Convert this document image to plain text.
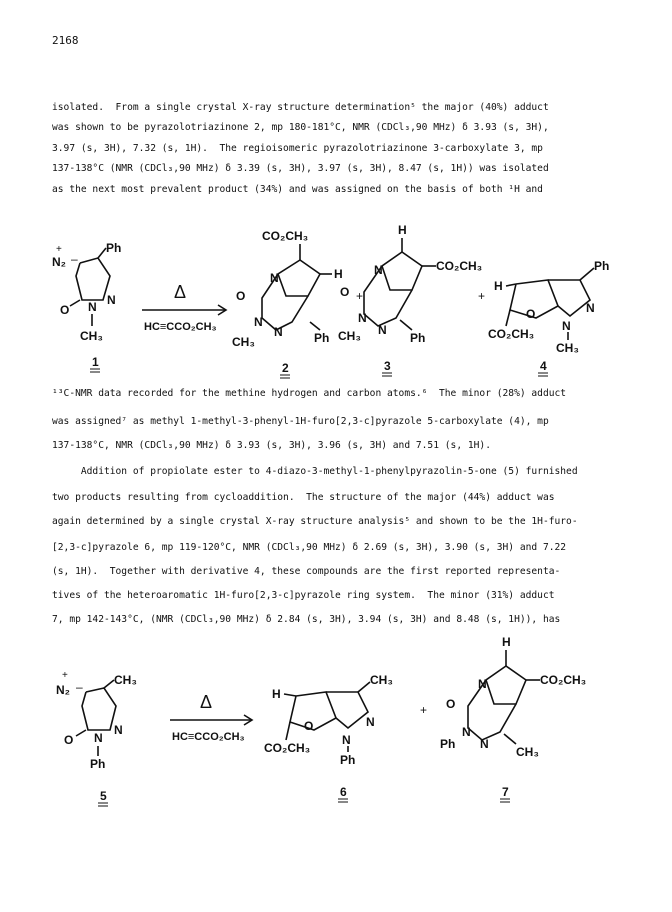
2168
isolated.  From a single crystal X-ray structure determination⁵ the major (40%) adduct
was shown to be pyrazolotriazinone 2, mp 180-181°C, NMR (CDCl₃,90 MHz) δ 3.93 (s, 3H),
3.97 (s, 3H), 7.32 (s, 1H).  The regioisomeric pyrazolotriazinone 3-carboxylate 3, mp
137-138°C (NMR (CDCl₃,90 MHz) δ 3.39 (s, 3H), 3.97 (s, 3H), 8.47 (s, 1H)) was isolated
as the next most prevalent product (34%) and was assigned on the basis of both ¹H and
+
N₂ –
Ph
N
N
O
CH₃
1
Δ
HC≡CCO₂CH₃
CO₂CH₃
H
N
O
N
N	Ph
CH₃
2
+
H
CO₂CH₃
N
O
N
N
Ph
CH₃
3
+
H
O
Ph
N
N
CH₃
CO₂CH₃
4
¹³C-NMR data recorded for the methine hydrogen and carbon atoms.⁶  The minor (28%) adduct
was assigned⁷ as methyl 1-methyl-3-phenyl-1H-furo[2,3-c]pyrazole 5-carboxylate (4), mp
137-138°C, NMR (CDCl₃,90 MHz) δ 3.93 (s, 3H), 3.96 (s, 3H) and 7.51 (s, 1H).
Addition of propiolate ester to 4-diazo-3-methyl-1-phenylpyrazolin-5-one (5) furnished
two products resulting from cycloaddition.  The structure of the major (44%) adduct was
again determined by a single crystal X-ray structure analysis⁵ and shown to be the 1H-furo-
[2,3-c]pyrazole 6, mp 119-120°C, NMR (CDCl₃,90 MHz) δ 2.69 (s, 3H), 3.90 (s, 3H) and 7.22
(s, 1H).  Together with derivative 4, these compounds are the first reported representa-
tives of the heteroaromatic 1H-furo[2,3-c]pyrazole ring system.  The minor (31%) adduct
7, mp 142-143°C, (NMR (CDCl₃,90 MHz) δ 2.84 (s, 3H), 3.94 (s, 3H) and 8.48 (s, 1H)), has
+
N₂ –	CH₃
N
N
O
Ph
5
Δ
HC≡CCO₂CH₃
H
O
CH₃
N
N
Ph
CO₂CH₃
6
+
H
CO₂CH₃
N
O
N
N
CH₃
Ph
7
